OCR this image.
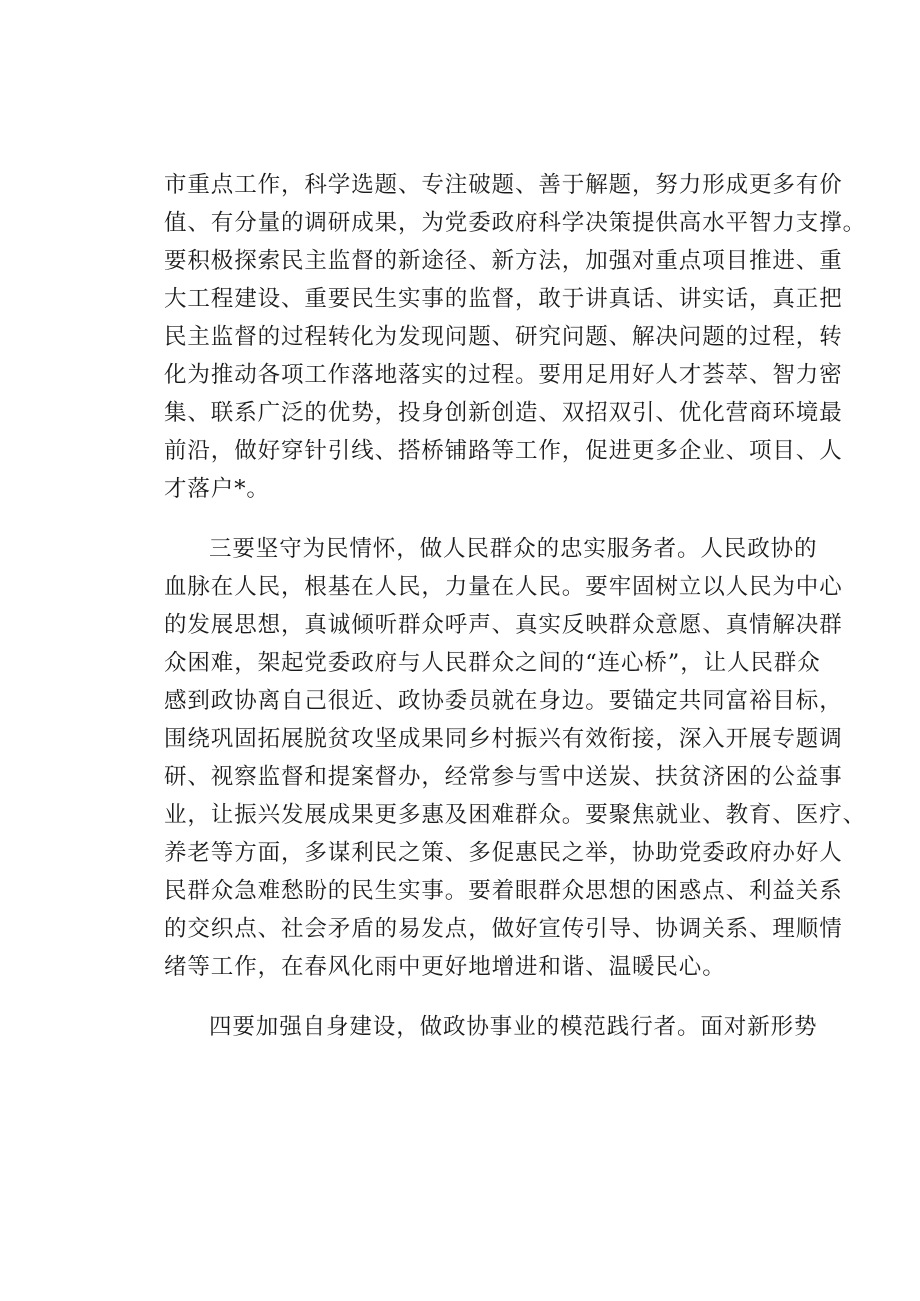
市重点工作，科学选题、专注破题、善于解题，努力形成更多有价
值、有分量的调研成果，为党委政府科学决策提供高水平智力支撑。
要积极探索民主监督的新途径、新方法，加强对重点项目推进、重
大工程建设、重要民生实事的监督，敢于讲真话、讲实话，真正把
民主监督的过程转化为发现问题、研究问题、解决问题的过程，转
化为推动各项工作落地落实的过程。要用足用好人才荟萃、智力密
集、联系广泛的优势，投身创新创造、双招双引、优化营商环境最
前沿，做好穿针引线、搭桥铺路等工作，促进更多企业、项目、人
才落户*。
三要坚守为民情怀，做人民群众的忠实服务者。人民政协的
血脉在人民，根基在人民，力量在人民。要牢固树立以人民为中心
的发展思想，真诚倾听群众呼声、真实反映群众意愿、真情解决群
众困难，架起党委政府与人民群众之间的“连心桥”，让人民群众
感到政协离自己很近、政协委员就在身边。要锚定共同富裕目标，
围绕巩固拓展脱贫攻坚成果同乡村振兴有效衔接，深入开展专题调
研、视察监督和提案督办，经常参与雪中送炭、扶贫济困的公益事
业，让振兴发展成果更多惠及困难群众。要聚焦就业、教育、医疗、
养老等方面，多谋利民之策、多促惠民之举，协助党委政府办好人
民群众急难愁盼的民生实事。要着眼群众思想的困惑点、利益关系
的交织点、社会矛盾的易发点，做好宣传引导、协调关系、理顺情
绪等工作，在春风化雨中更好地增进和谐、温暖民心。
四要加强自身建设，做政协事业的模范践行者。面对新形势
